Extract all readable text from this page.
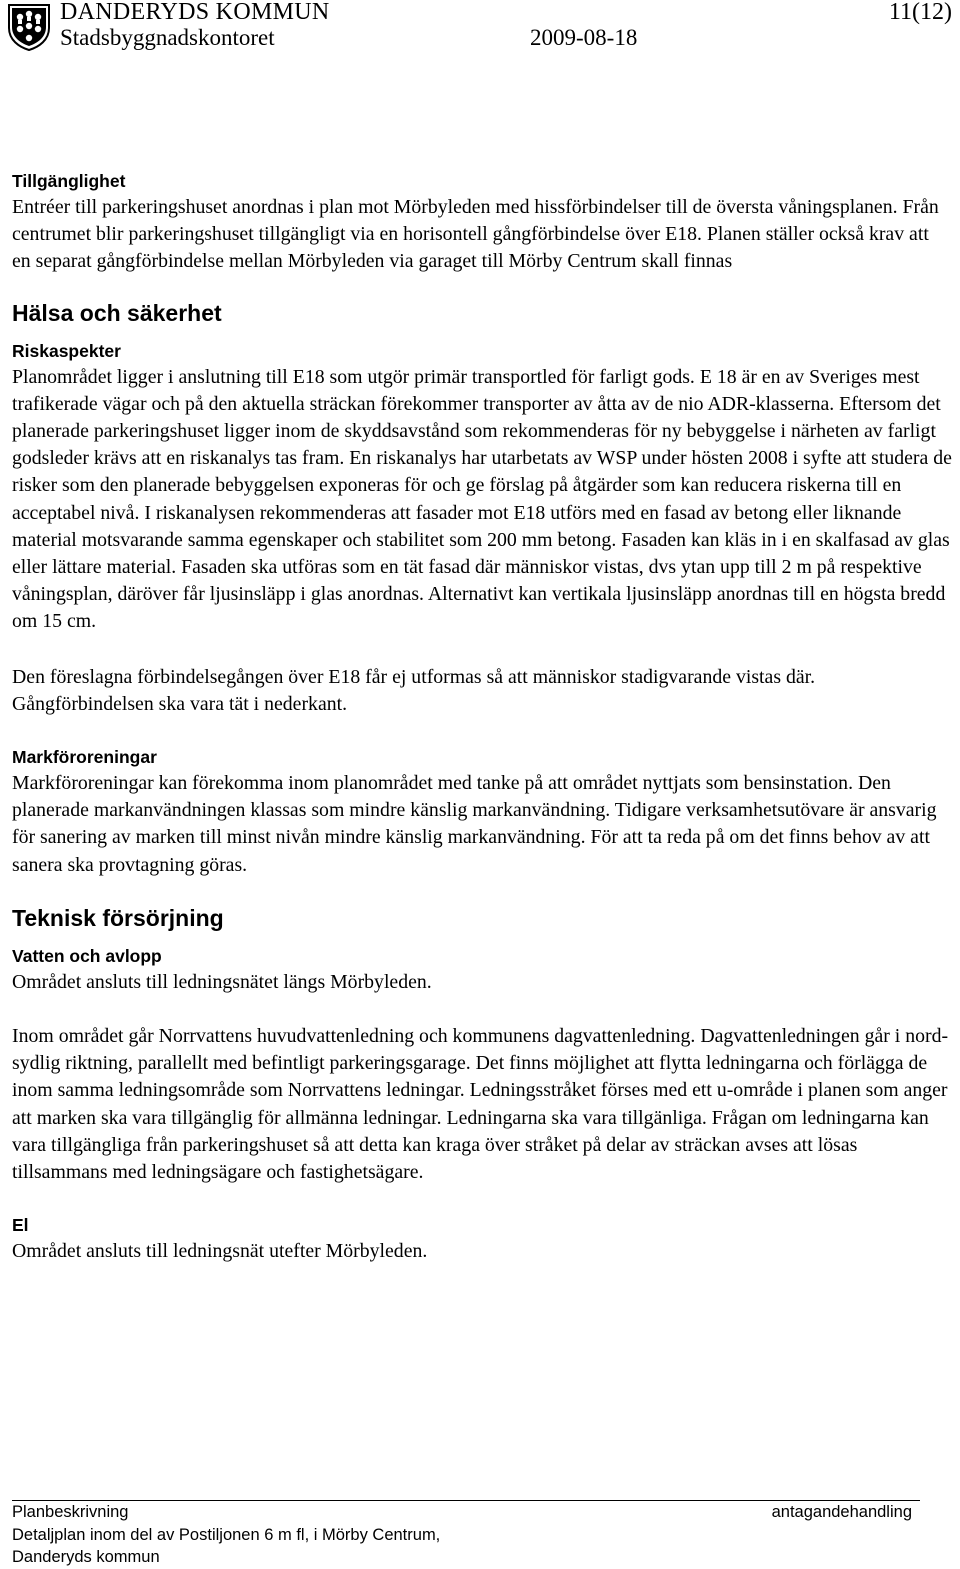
DANDERYDS KOMMUN
Stadsbyggnadskontoret	2009-08-18
11(12)
Tillgänglighet

Entréer till parkeringshuset anordnas i plan mot Mörbyleden med hissförbindelser till de översta våningsplanen. Från centrumet blir parkeringshuset tillgängligt via en horisontell gångförbindelse över E18. Planen ställer också krav att en separat gångförbindelse mellan Mörbyleden via garaget till Mörby Centrum skall finnas

Hälsa och säkerhet
Riskaspekter

Planområdet ligger i anslutning till E18 som utgör primär transportled för farligt gods. E 18 är en av Sveriges mest trafikerade vägar och på den aktuella sträckan förekommer transporter av åtta av de nio ADR-klasserna. Eftersom det planerade parkeringshuset ligger inom de skyddsavstånd som rekommenderas för ny bebyggelse i närheten av farligt godsleder krävs att en riskanalys tas fram. En riskanalys har utarbetats av WSP under hösten 2008 i syfte att studera de risker som den planerade bebyggelsen exponeras för och ge förslag på åtgärder som kan reducera riskerna till en acceptabel nivå. I riskanalysen rekommenderas att fasader mot E18 utförs med en fasad av betong eller liknande material motsvarande samma egenskaper och stabilitet som 200 mm betong. Fasaden kan kläs in i en skalfasad av glas eller lättare material. Fasaden ska utföras som en tät fasad där människor vistas, dvs ytan upp till 2 m på respektive våningsplan, däröver får ljusinsläpp i glas anordnas. Alternativt kan vertikala ljusinsläpp anordnas till en högsta bredd om 15 cm.

Den föreslagna förbindelsegången över E18 får ej utformas så att människor stadigvarande vistas där. Gångförbindelsen ska vara tät i nederkant.

Markföroreningar

Markföroreningar kan förekomma inom planområdet med tanke på att området nyttjats som bensinstation. Den planerade markanvändningen klassas som mindre känslig markanvändning. Tidigare verksamhetsutövare är ansvarig för sanering av marken till minst nivån mindre känslig markanvändning. För att ta reda på om det finns behov av att sanera ska provtagning göras.

Teknisk försörjning
Vatten och avlopp

Området ansluts till ledningsnätet längs Mörbyleden.

Inom området går Norrvattens huvudvattenledning och kommunens dagvattenledning. Dagvattenledningen går i nord-sydlig riktning, parallellt med befintligt parkeringsgarage. Det finns möjlighet att flytta ledningarna och förlägga de inom samma ledningsområde som Norrvattens ledningar. Ledningsstråket förses med ett u-område i planen som anger att marken ska vara tillgänglig för allmänna ledningar. Ledningarna ska vara tillgänliga. Frågan om ledningarna kan vara tillgängliga från parkeringshuset så att detta kan kraga över stråket på delar av sträckan avses att lösas tillsammans med ledningsägare och fastighetsägare.

El

Området ansluts till ledningsnät utefter Mörbyleden.

Planbeskrivning
Detaljplan inom del av Postiljonen 6 m fl, i Mörby Centrum,
Danderyds kommun
antagandehandling
